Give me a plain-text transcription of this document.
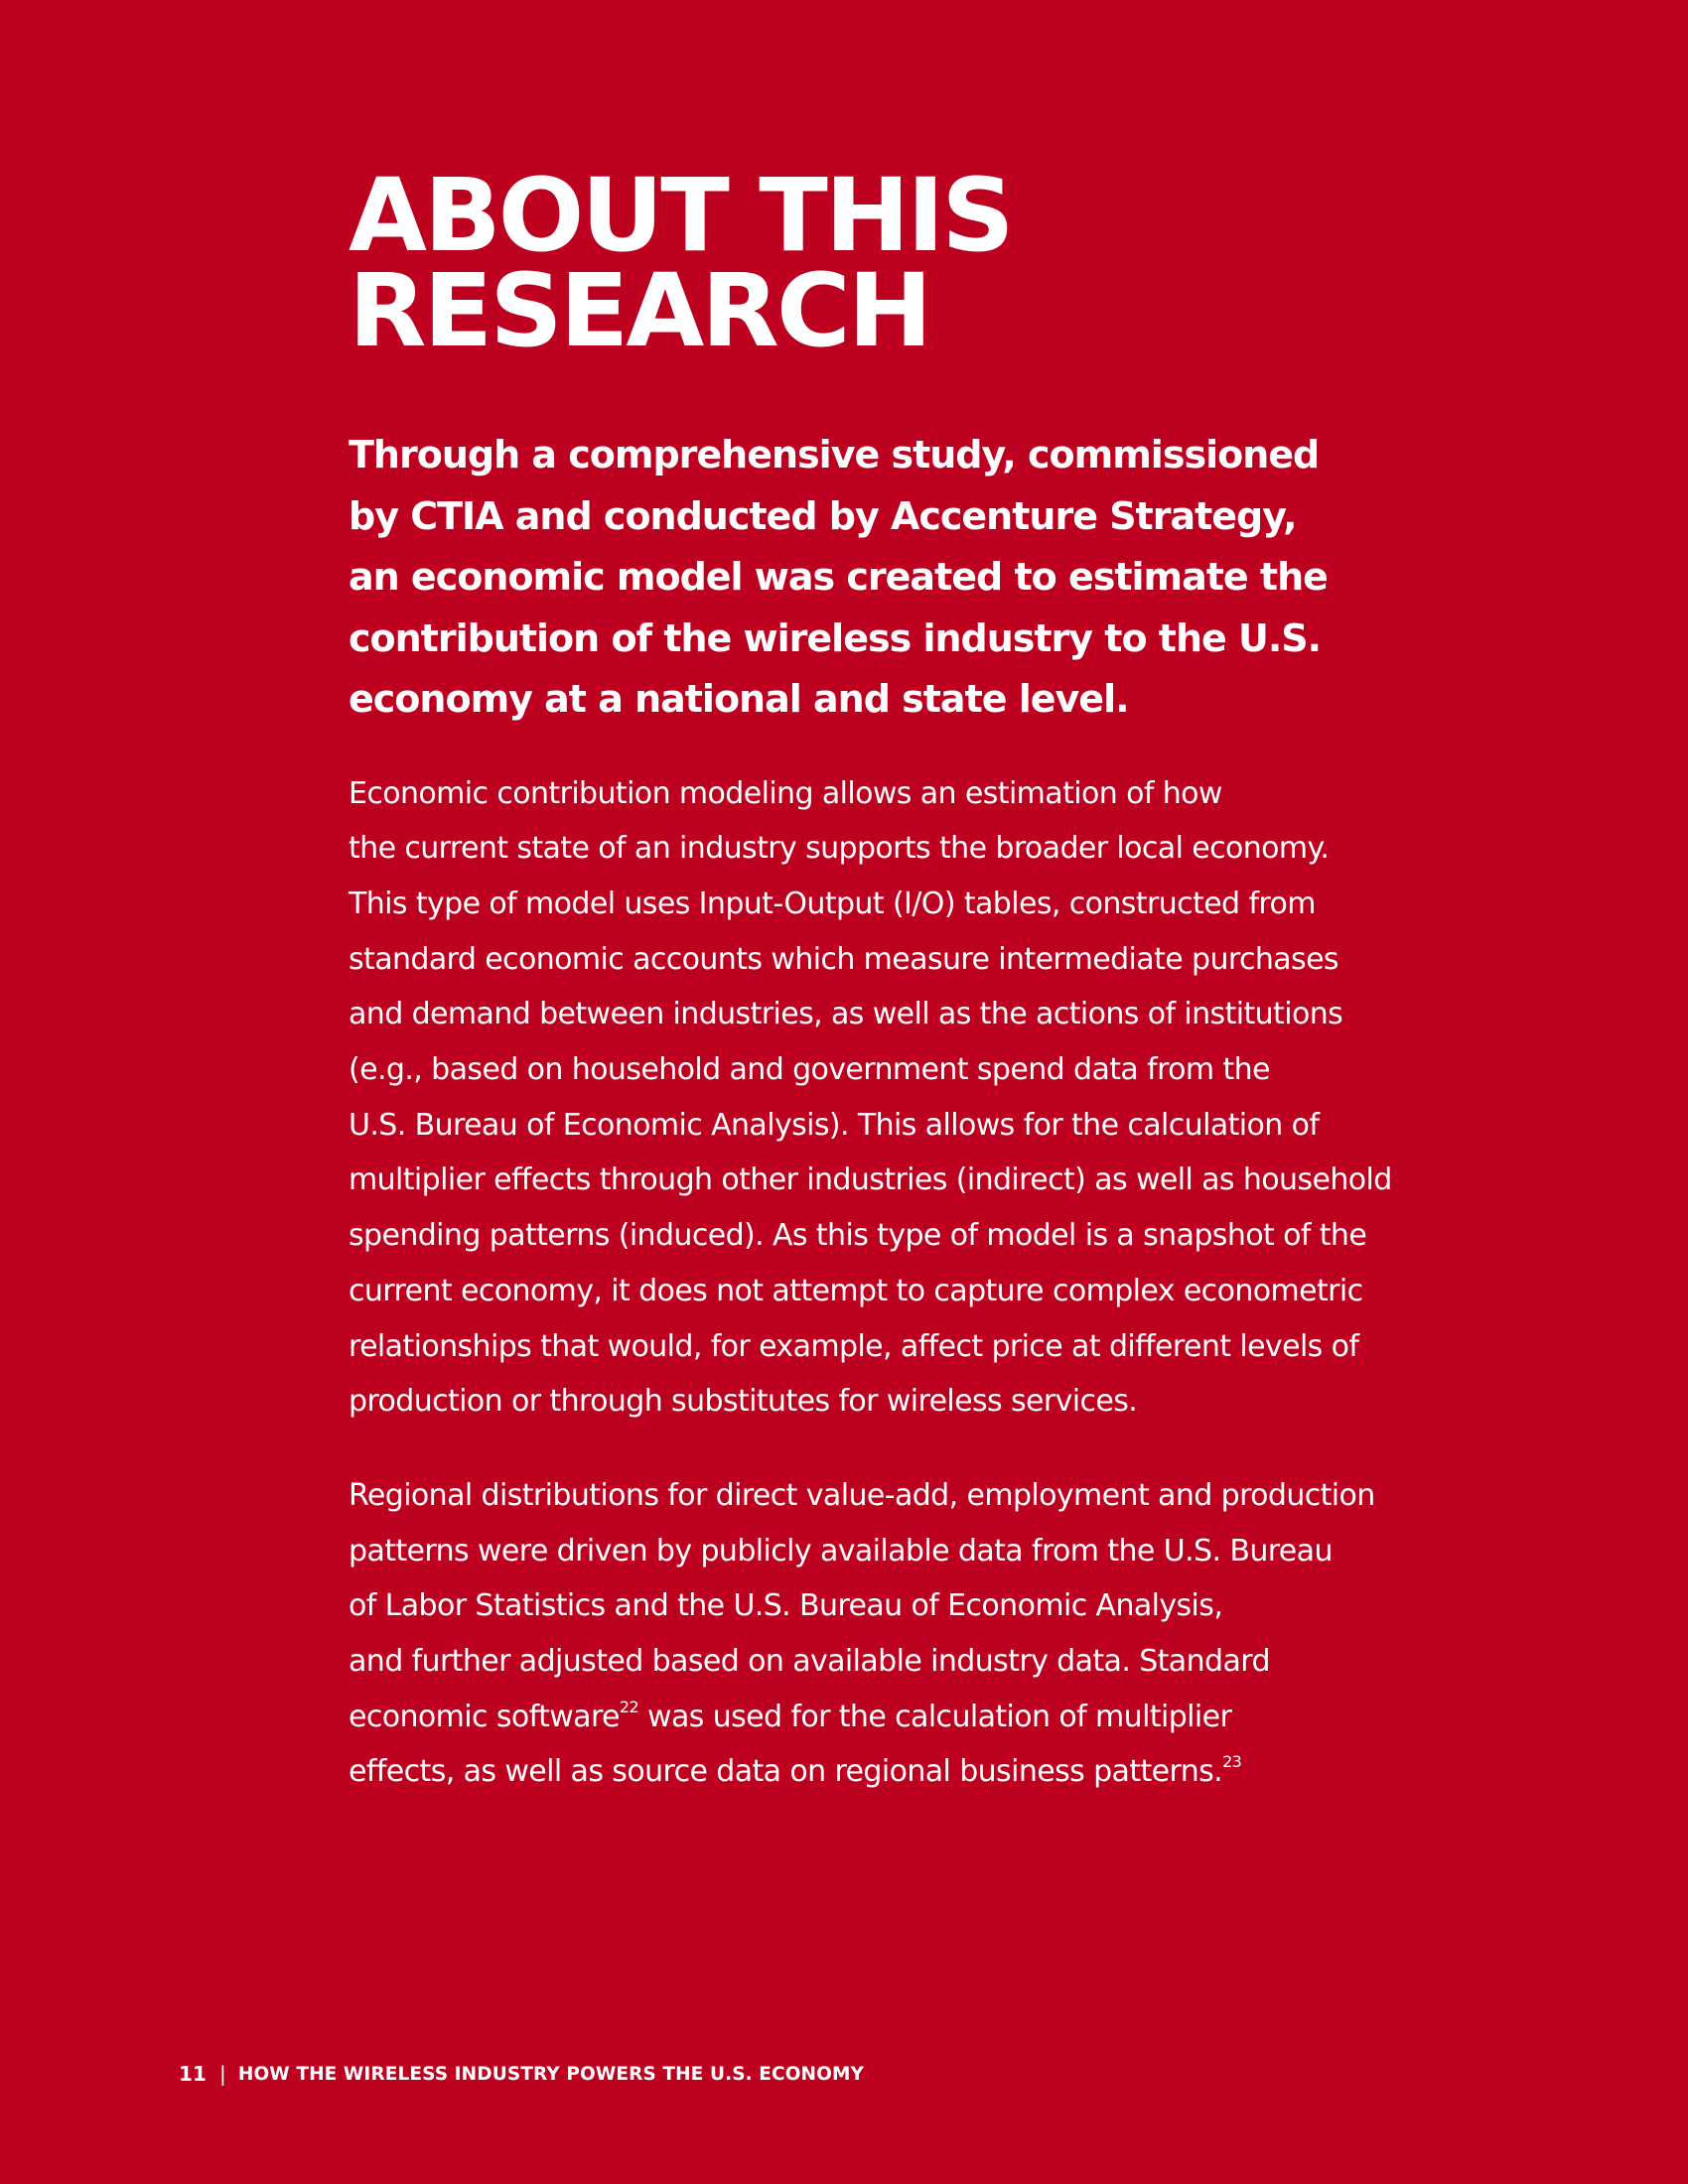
ABOUT THIS
RESEARCH

Through a comprehensive study, commissioned
by CTIA and conducted by Accenture Strategy,
an economic model was created to estimate the
contribution of the wireless industry to the U.S.
economy at a national and state level.

Economic contribution modeling allows an estimation of how
the current state of an industry supports the broader local economy.
This type of model uses Input-Output (I/O) tables, constructed from
standard economic accounts which measure intermediate purchases
and demand between industries, as well as the actions of institutions
(e.g., based on household and government spend data from the
U.S. Bureau of Economic Analysis). This allows for the calculation of
multiplier effects through other industries (indirect) as well as household
spending patterns (induced). As this type of model is a snapshot of the
current economy, it does not attempt to capture complex econometric
relationships that would, for example, affect price at different levels of
production or through substitutes for wireless services.

Regional distributions for direct value-add, employment and production
patterns were driven by publicly available data from the U.S. Bureau
of Labor Statistics and the U.S. Bureau of Economic Analysis,
and further adjusted based on available industry data. Standard
economic software$^{22}$ was used for the calculation of multiplier
effects, as well as source data on regional business patterns.$^{23}$

11 | HOW THE WIRELESS INDUSTRY POWERS THE U.S. ECONOMY
